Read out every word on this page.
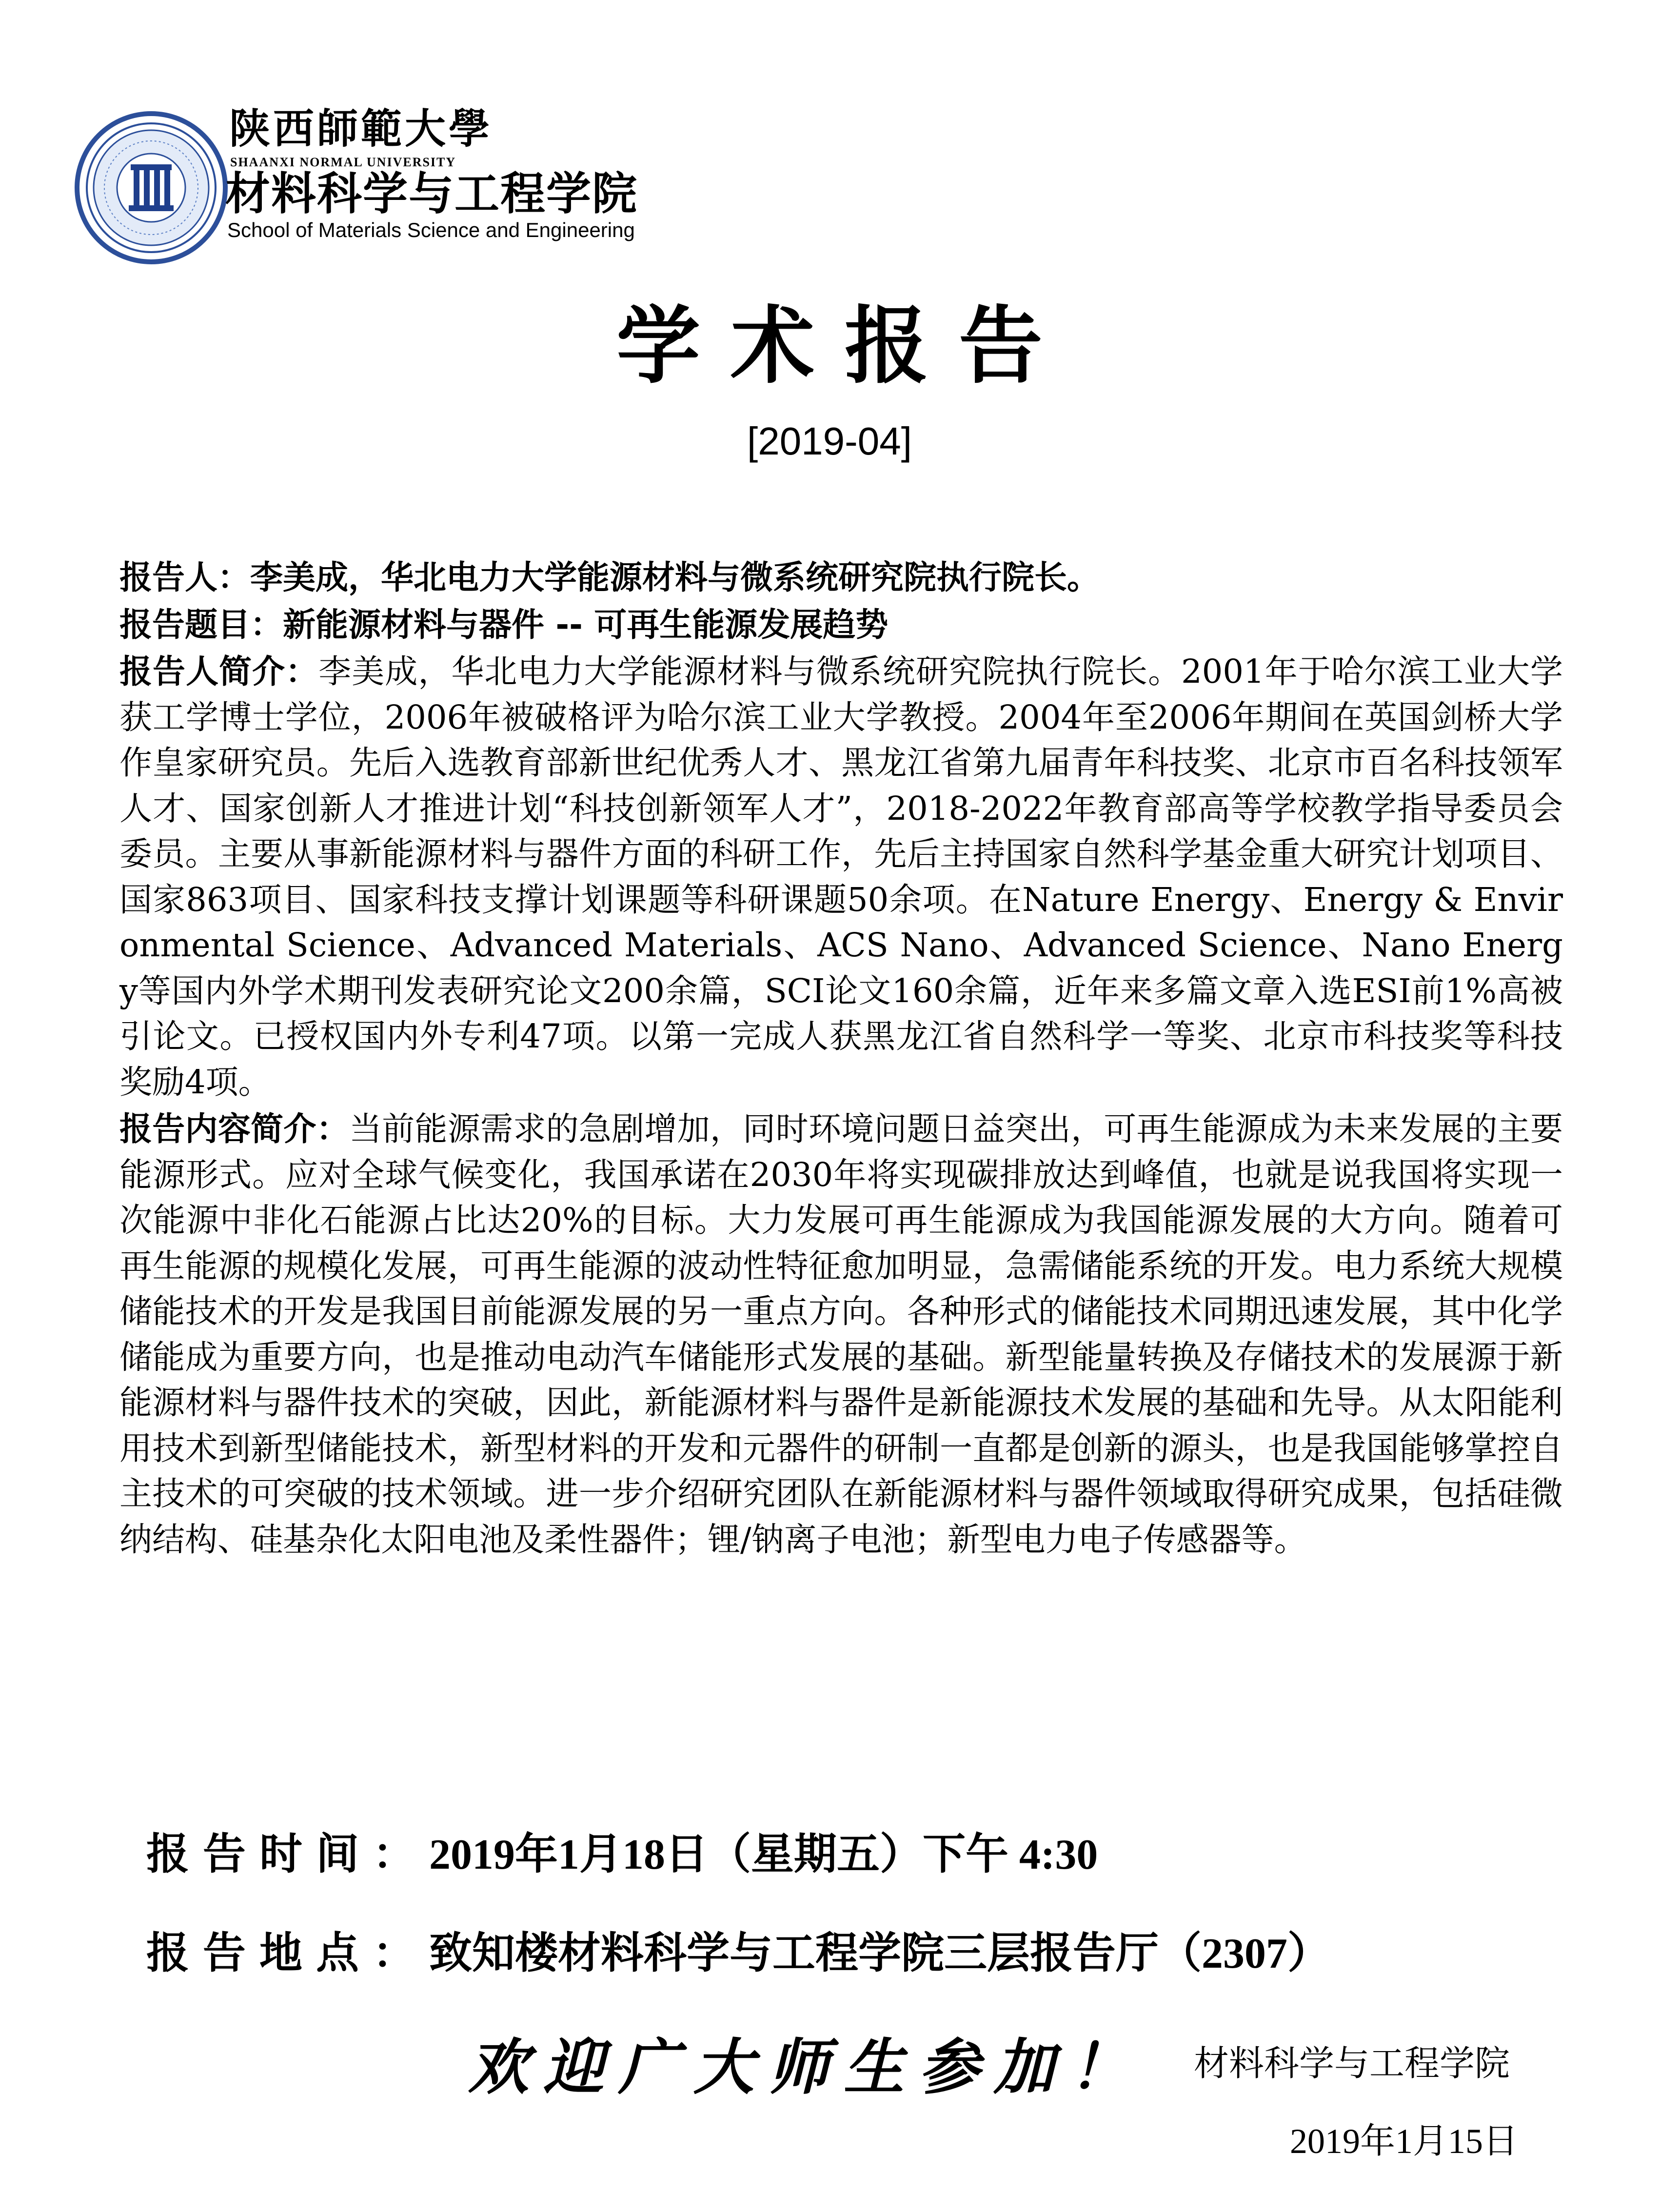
陕西師範大學
SHAANXI NORMAL UNIVERSITY
材料科学与工程学院
School of Materials Science and Engineering
学术报告
[2019-04]

报告人：李美成，华北电力大学能源材料与微系统研究院执行院长。

报告题目：新能源材料与器件 -- 可再生能源发展趋势

报告人简介：李美成，华北电力大学能源材料与微系统研究院执行院长。2001年于哈尔滨工业大学获工学博士学位，2006年被破格评为哈尔滨工业大学教授。2004年至2006年期间在英国剑桥大学作皇家研究员。先后入选教育部新世纪优秀人才、黑龙江省第九届青年科技奖、北京市百名科技领军人才、国家创新人才推进计划“科技创新领军人才”，2018-2022年教育部高等学校教学指导委员会委员。主要从事新能源材料与器件方面的科研工作，先后主持国家自然科学基金重大研究计划项目、国家863项目、国家科技支撑计划课题等科研课题50余项。在Nature Energy、Energy & Environmental Science、Advanced Materials、ACS Nano、Advanced Science、Nano Energy等国内外学术期刊发表研究论文200余篇，SCI论文160余篇，近年来多篇文章入选ESI前1%高被引论文。已授权国内外专利47项。以第一完成人获黑龙江省自然科学一等奖、北京市科技奖等科技奖励4项。

报告内容简介：当前能源需求的急剧增加，同时环境问题日益突出，可再生能源成为未来发展的主要能源形式。应对全球气候变化，我国承诺在2030年将实现碳排放达到峰值，也就是说我国将实现一次能源中非化石能源占比达20%的目标。大力发展可再生能源成为我国能源发展的大方向。随着可再生能源的规模化发展，可再生能源的波动性特征愈加明显，急需储能系统的开发。电力系统大规模储能技术的开发是我国目前能源发展的另一重点方向。各种形式的储能技术同期迅速发展，其中化学储能成为重要方向，也是推动电动汽车储能形式发展的基础。新型能量转换及存储技术的发展源于新能源材料与器件技术的突破，因此，新能源材料与器件是新能源技术发展的基础和先导。从太阳能利用技术到新型储能技术，新型材料的开发和元器件的研制一直都是创新的源头，也是我国能够掌控自主技术的可突破的技术领域。进一步介绍研究团队在新能源材料与器件领域取得研究成果，包括硅微纳结构、硅基杂化太阳电池及柔性器件；锂/钠离子电池；新型电力电子传感器等。

报告时间：2019年1月18日（星期五）下午 4:30
报告地点：致知楼材料科学与工程学院三层报告厅（2307）
欢迎广大师生参加！ 材料科学与工程学院
2019年1月15日
